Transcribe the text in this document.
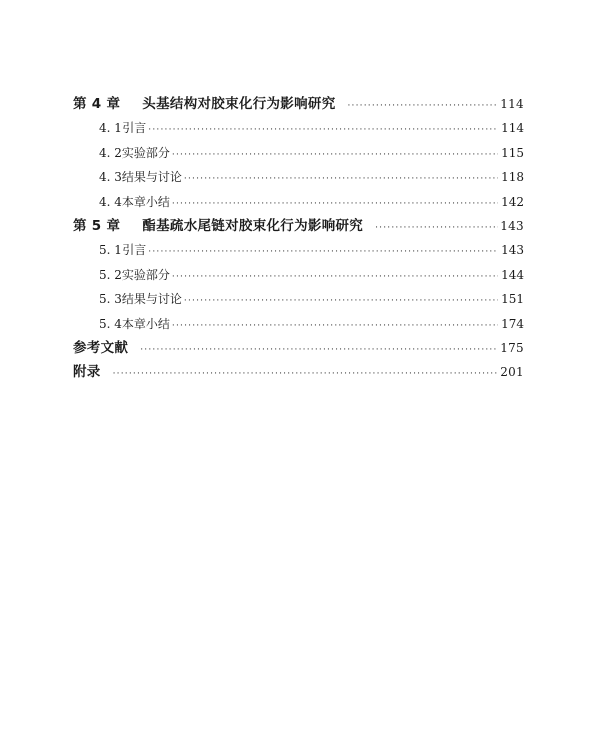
第 4 章 头基结构对胶束化行为影响研究 ·····	114
4. 1 引言 ·····	114
4. 2 实验部分 ·····	115
4. 3 结果与讨论 ·····	118
4. 4 本章小结 ·····	142
第 5 章 酯基疏水尾链对胶束化行为影响研究 ·····	143
5. 1 引言 ·····	143
5. 2 实验部分 ·····	144
5. 3 结果与讨论 ·····	151
5. 4 本章小结 ·····	174
参考文献 ·····	175
附录 ·····	201
